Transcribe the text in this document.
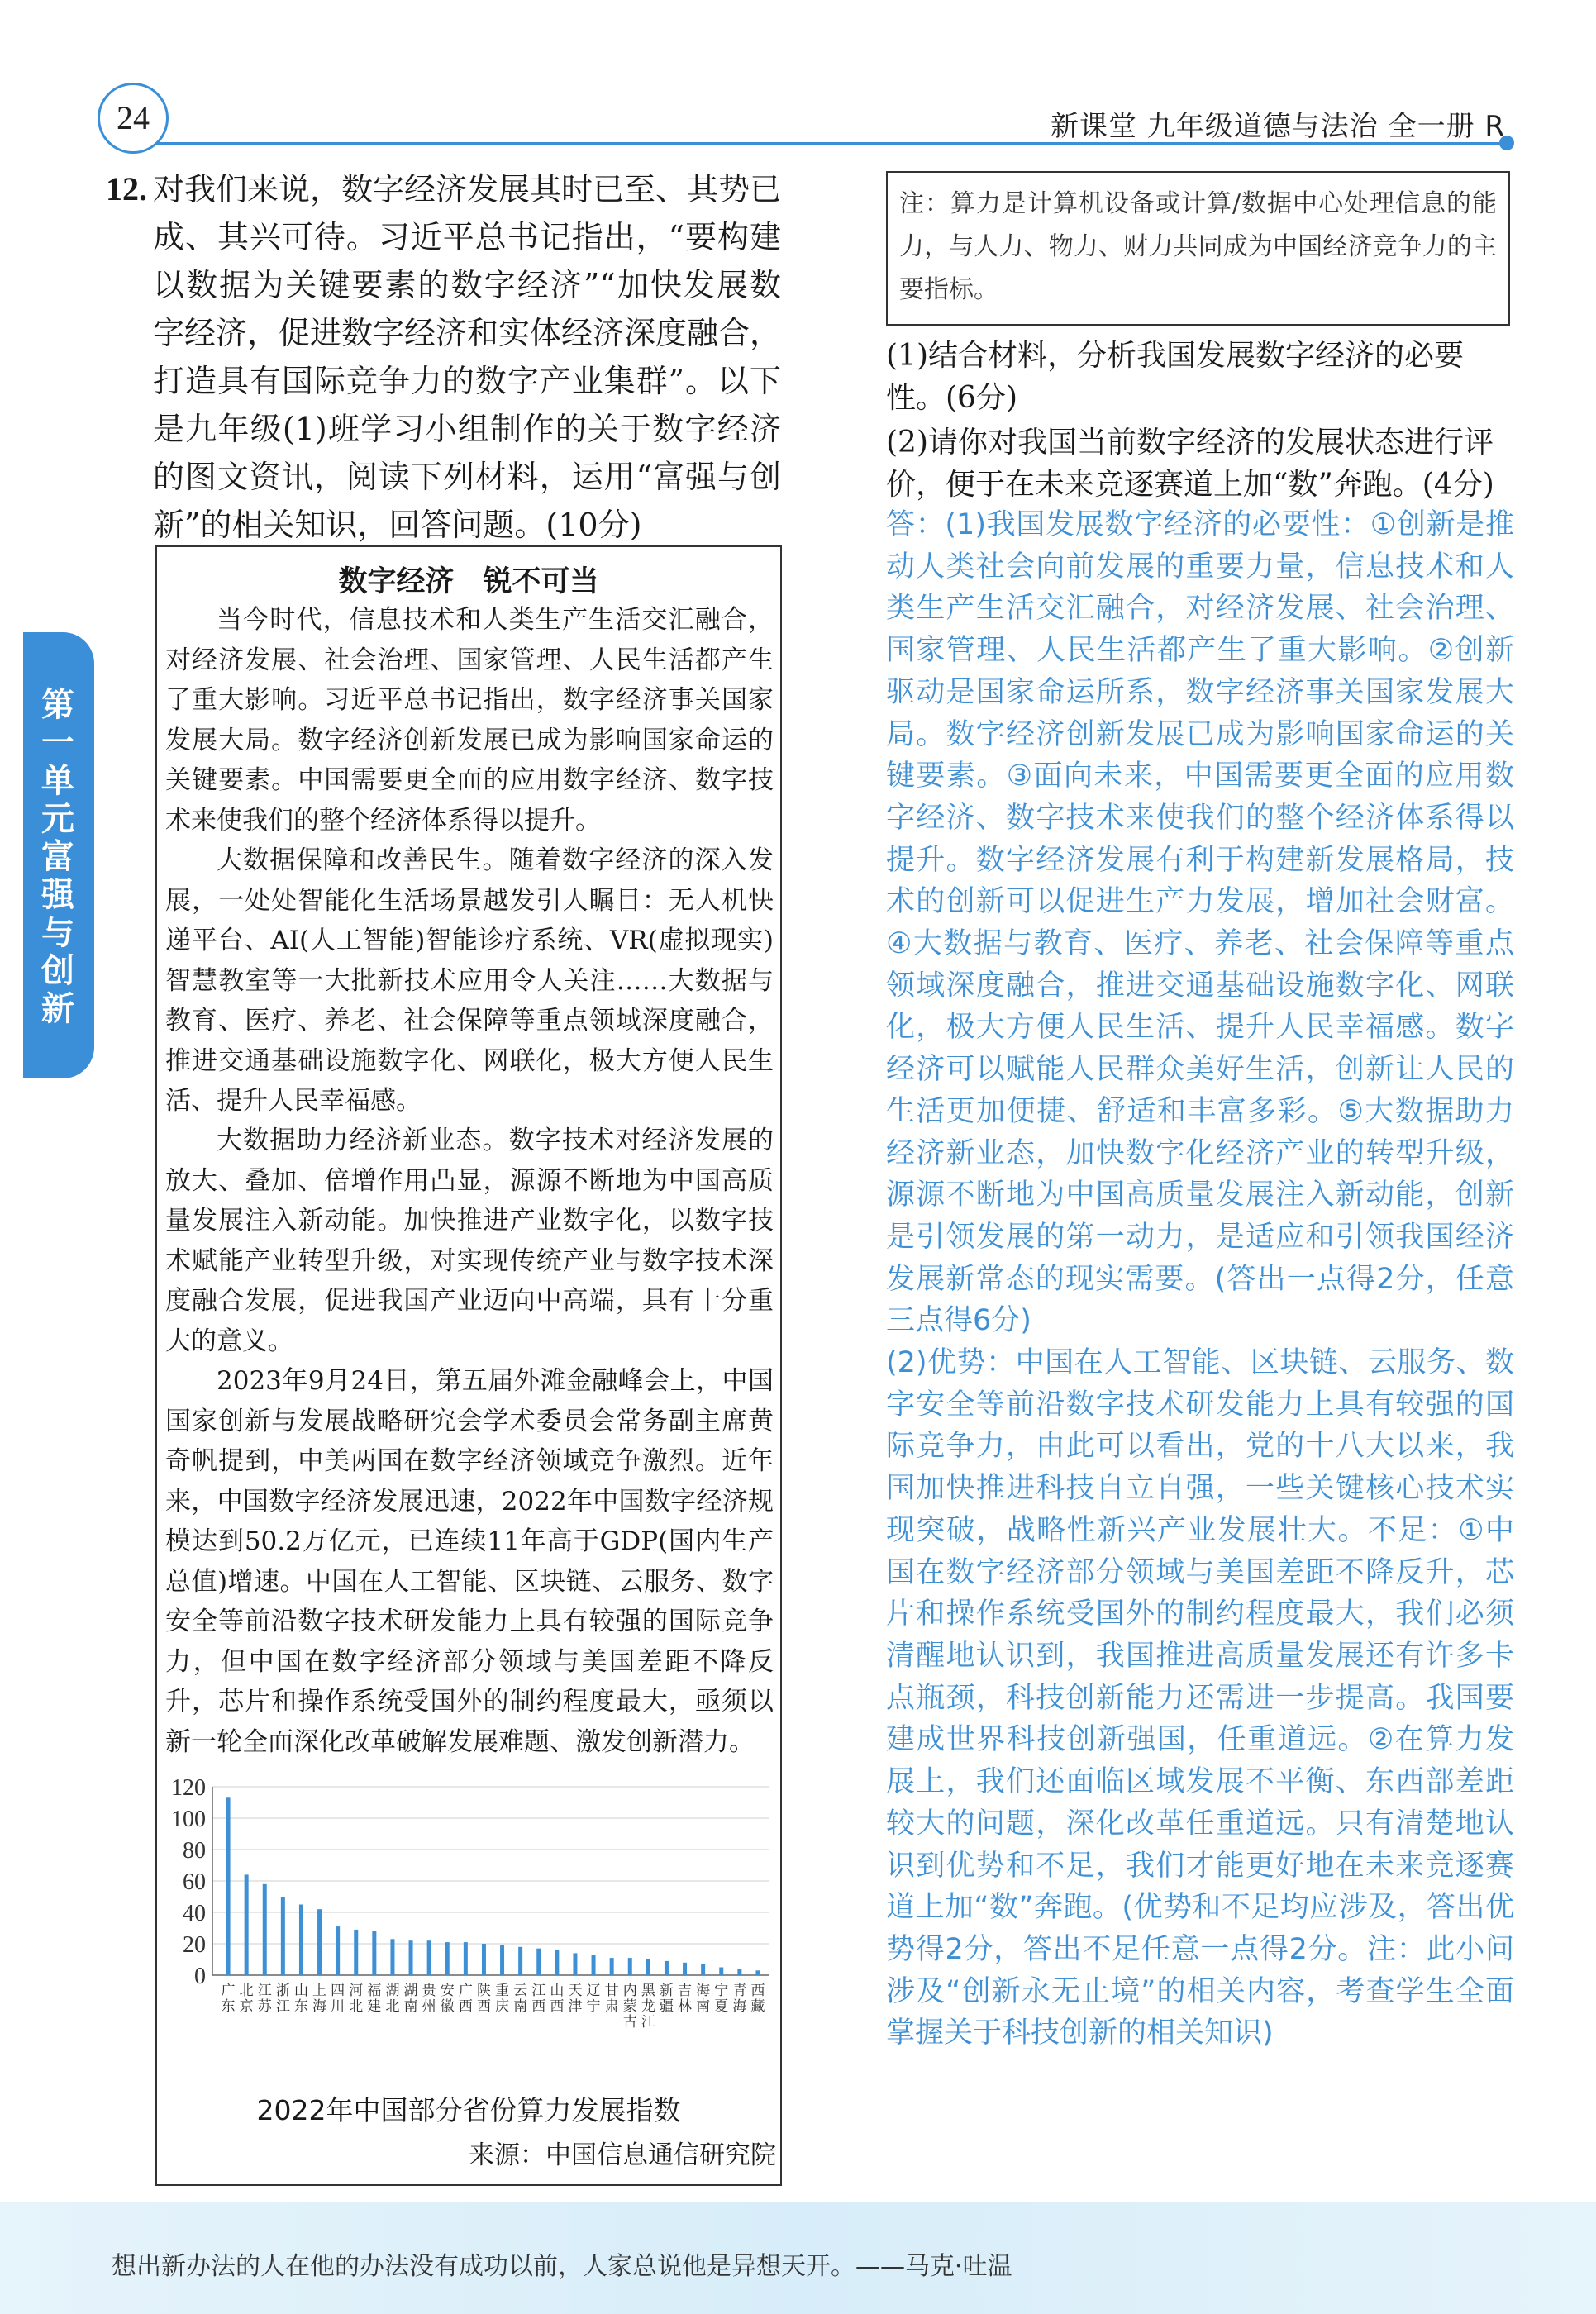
24	新课堂 九年级道德与法治 全一册 R
第一单元 富强与创新
12. 对我们来说，数字经济发展其时已至、其势已成、其兴可待。习近平总书记指出，“要构建以数据为关键要素的数字经济”“加快发展数字经济，促进数字经济和实体经济深度融合，打造具有国际竞争力的数字产业集群”。以下是九年级(1)班学习小组制作的关于数字经济的图文资讯，阅读下列材料，运用“富强与创新”的相关知识，回答问题。(10分)
数字经济　锐不可当
当今时代，信息技术和人类生产生活交汇融合，对经济发展、社会治理、国家管理、人民生活都产生了重大影响。习近平总书记指出，数字经济事关国家发展大局。数字经济创新发展已成为影响国家命运的关键要素。中国需要更全面的应用数字经济、数字技术来使我们的整个经济体系得以提升。
大数据保障和改善民生。随着数字经济的深入发展，一处处智能化生活场景越发引人瞩目：无人机快递平台、AI(人工智能)智能诊疗系统、VR(虚拟现实)智慧教室等一大批新技术应用令人关注……大数据与教育、医疗、养老、社会保障等重点领域深度融合，推进交通基础设施数字化、网联化，极大方便人民生活、提升人民幸福感。
大数据助力经济新业态。数字技术对经济发展的放大、叠加、倍增作用凸显，源源不断地为中国高质量发展注入新动能。加快推进产业数字化，以数字技术赋能产业转型升级，对实现传统产业与数字技术深度融合发展，促进我国产业迈向中高端，具有十分重大的意义。
2023年9月24日，第五届外滩金融峰会上，中国国家创新与发展战略研究会学术委员会常务副主席黄奇帆提到，中美两国在数字经济领域竞争激烈。近年来，中国数字经济发展迅速，2022年中国数字经济规模达到50.2万亿元，已连续11年高于GDP(国内生产总值)增速。中国在人工智能、区块链、云服务、数字安全等前沿数字技术研发能力上具有较强的国际竞争力，但中国在数字经济部分领域与美国差距不降反升，芯片和操作系统受国外的制约程度最大，亟须以新一轮全面深化改革破解发展难题、激发创新潜力。
0
20
40
60
80
100
120
广东
北京
江苏
浙江
山东
上海
四川
河北
福建
湖北
湖南
贵州
安徽
广西
陕西
重庆
云南
江西
山西
天津
辽宁
甘肃
内蒙古
黑龙江
新疆
吉林
海南
宁夏
青海
西藏
2022年中国部分省份算力发展指数
来源：中国信息通信研究院
注：算力是计算机设备或计算/数据中心处理信息的能力，与人力、物力、财力共同成为中国经济竞争力的主要指标。
(1)结合材料，分析我国发展数字经济的必要性。(6分)
(2)请你对我国当前数字经济的发展状态进行评价，便于在未来竞逐赛道上加“数”奔跑。(4分)
答：(1)我国发展数字经济的必要性：①创新是推动人类社会向前发展的重要力量，信息技术和人类生产生活交汇融合，对经济发展、社会治理、国家管理、人民生活都产生了重大影响。②创新驱动是国家命运所系，数字经济事关国家发展大局。数字经济创新发展已成为影响国家命运的关键要素。③面向未来，中国需要更全面的应用数字经济、数字技术来使我们的整个经济体系得以提升。数字经济发展有利于构建新发展格局，技术的创新可以促进生产力发展，增加社会财富。④大数据与教育、医疗、养老、社会保障等重点领域深度融合，推进交通基础设施数字化、网联化，极大方便人民生活、提升人民幸福感。数字经济可以赋能人民群众美好生活，创新让人民的生活更加便捷、舒适和丰富多彩。⑤大数据助力经济新业态，加快数字化经济产业的转型升级，源源不断地为中国高质量发展注入新动能，创新是引领发展的第一动力，是适应和引领我国经济发展新常态的现实需要。(答出一点得2分，任意三点得6分)
(2)优势：中国在人工智能、区块链、云服务、数字安全等前沿数字技术研发能力上具有较强的国际竞争力，由此可以看出，党的十八大以来，我国加快推进科技自立自强，一些关键核心技术实现突破，战略性新兴产业发展壮大。不足：①中国在数字经济部分领域与美国差距不降反升，芯片和操作系统受国外的制约程度最大，我们必须清醒地认识到，我国推进高质量发展还有许多卡点瓶颈，科技创新能力还需进一步提高。我国要建成世界科技创新强国，任重道远。②在算力发展上，我们还面临区域发展不平衡、东西部差距较大的问题，深化改革任重道远。只有清楚地认识到优势和不足，我们才能更好地在未来竞逐赛道上加“数”奔跑。(优势和不足均应涉及，答出优势得2分，答出不足任意一点得2分。注：此小问涉及“创新永无止境”的相关内容，考查学生全面掌握关于科技创新的相关知识)
想出新办法的人在他的办法没有成功以前，人家总说他是异想天开。——马克·吐温
